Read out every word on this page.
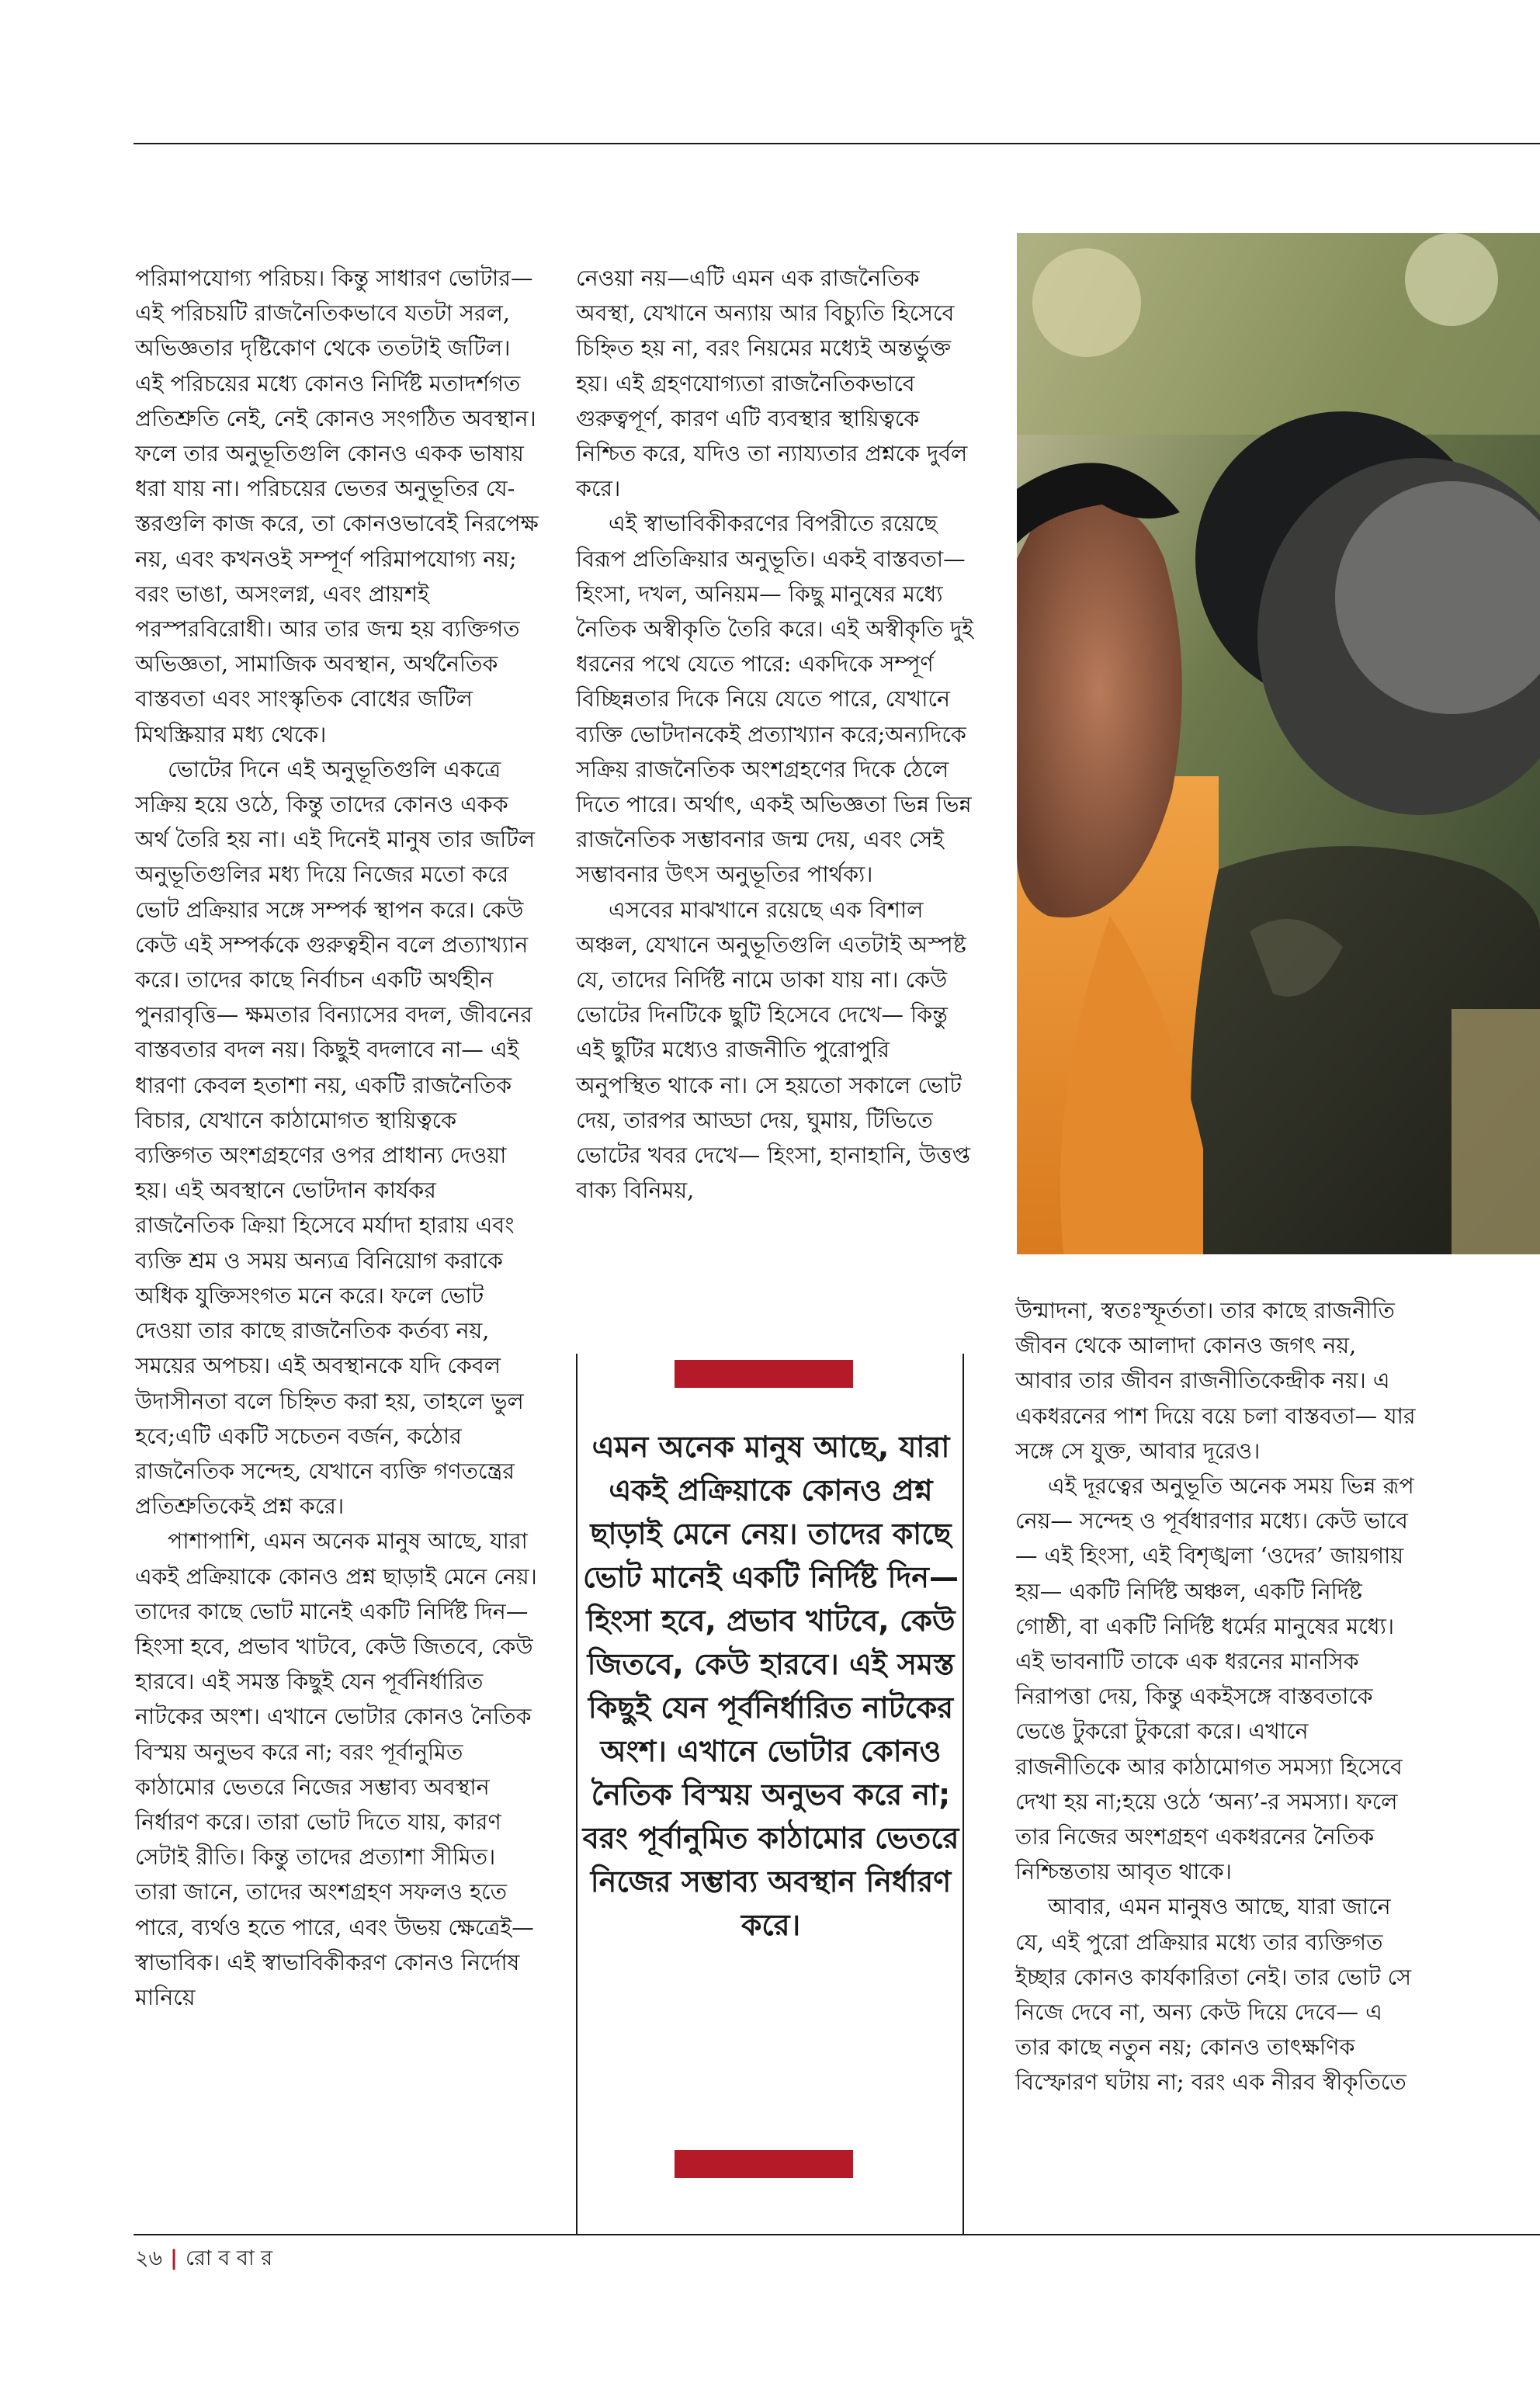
পরিমাপযোগ্য পরিচয়। কিন্তু সাধারণ ভোটার— এই পরিচয়টি রাজনৈতিকভাবে যতটা সরল, অভিজ্ঞতার দৃষ্টিকোণ থেকে ততটাই জটিল। এই পরিচয়ের মধ্যে কোনও নির্দিষ্ট মতাদর্শগত প্রতিশ্রুতি নেই, নেই কোনও সংগঠিত অবস্থান। ফলে তার অনুভূতিগুলি কোনও একক ভাষায় ধরা যায় না। পরিচয়ের ভেতর অনুভূতির যে-স্তরগুলি কাজ করে, তা কোনওভাবেই নিরপেক্ষ নয়, এবং কখনওই সম্পূর্ণ পরিমাপযোগ্য নয়; বরং ভাঙা, অসংলগ্ন, এবং প্রায়শই পরস্পরবিরোধী। আর তার জন্ম হয় ব্যক্তিগত অভিজ্ঞতা, সামাজিক অবস্থান, অর্থনৈতিক বাস্তবতা এবং সাংস্কৃতিক বোধের জটিল মিথস্ক্রিয়ার মধ্য থেকে।

ভোটের দিনে এই অনুভূতিগুলি একত্রে সক্রিয় হয়ে ওঠে, কিন্তু তাদের কোনও একক অর্থ তৈরি হয় না। এই দিনেই মানুষ তার জটিল অনুভূতিগুলির মধ্য দিয়ে নিজের মতো করে ভোট প্রক্রিয়ার সঙ্গে সম্পর্ক স্থাপন করে। কেউ কেউ এই সম্পর্ককে গুরুত্বহীন বলে প্রত্যাখ্যান করে। তাদের কাছে নির্বাচন একটি অর্থহীন পুনরাবৃত্তি— ক্ষমতার বিন্যাসের বদল, জীবনের বাস্তবতার বদল নয়। কিছুই বদলাবে না— এই ধারণা কেবল হতাশা নয়, একটি রাজনৈতিক বিচার, যেখানে কাঠামোগত স্থায়িত্বকে ব্যক্তিগত অংশগ্রহণের ওপর প্রাধান্য দেওয়া হয়। এই অবস্থানে ভোটদান কার্যকর রাজনৈতিক ক্রিয়া হিসেবে মর্যাদা হারায় এবং ব্যক্তি শ্রম ও সময় অন্যত্র বিনিয়োগ করাকে অধিক যুক্তিসংগত মনে করে। ফলে ভোট দেওয়া তার কাছে রাজনৈতিক কর্তব্য নয়, সময়ের অপচয়। এই অবস্থানকে যদি কেবল উদাসীনতা বলে চিহ্নিত করা হয়, তাহলে ভুল হবে;এটি একটি সচেতন বর্জন, কঠোর রাজনৈতিক সন্দেহ, যেখানে ব্যক্তি গণতন্ত্রের প্রতিশ্রুতিকেই প্রশ্ন করে।

পাশাপাশি, এমন অনেক মানুষ আছে, যারা একই প্রক্রিয়াকে কোনও প্রশ্ন ছাড়াই মেনে নেয়। তাদের কাছে ভোট মানেই একটি নির্দিষ্ট দিন— হিংসা হবে, প্রভাব খাটবে, কেউ জিতবে, কেউ হারবে। এই সমস্ত কিছুই যেন পূর্বনির্ধারিত নাটকের অংশ। এখানে ভোটার কোনও নৈতিক বিস্ময় অনুভব করে না; বরং পূর্বানুমিত কাঠামোর ভেতরে নিজের সম্ভাব্য অবস্থান নির্ধারণ করে। তারা ভোট দিতে যায়, কারণ সেটাই রীতি। কিন্তু তাদের প্রত্যাশা সীমিত। তারা জানে, তাদের অংশগ্রহণ সফলও হতে পারে, ব্যর্থও হতে পারে, এবং উভয় ক্ষেত্রেই— স্বাভাবিক। এই স্বাভাবিকীকরণ কোনও নির্দোষ মানিয়ে

নেওয়া নয়—এটি এমন এক রাজনৈতিক অবস্থা, যেখানে অন্যায় আর বিচ্যুতি হিসেবে চিহ্নিত হয় না, বরং নিয়মের মধ্যেই অন্তর্ভুক্ত হয়। এই গ্রহণযোগ্যতা রাজনৈতিকভাবে গুরুত্বপূর্ণ, কারণ এটি ব্যবস্থার স্থায়িত্বকে নিশ্চিত করে, যদিও তা ন্যায্যতার প্রশ্নকে দুর্বল করে।

এই স্বাভাবিকীকরণের বিপরীতে রয়েছে বিরূপ প্রতিক্রিয়ার অনুভূতি। একই বাস্তবতা— হিংসা, দখল, অনিয়ম— কিছু মানুষের মধ্যে নৈতিক অস্বীকৃতি তৈরি করে। এই অস্বীকৃতি দুই ধরনের পথে যেতে পারে: একদিকে সম্পূর্ণ বিচ্ছিন্নতার দিকে নিয়ে যেতে পারে, যেখানে ব্যক্তি ভোটদানকেই প্রত্যাখ্যান করে;অন্যদিকে সক্রিয় রাজনৈতিক অংশগ্রহণের দিকে ঠেলে দিতে পারে। অর্থাৎ, একই অভিজ্ঞতা ভিন্ন ভিন্ন রাজনৈতিক সম্ভাবনার জন্ম দেয়, এবং সেই সম্ভাবনার উৎস অনুভূতির পার্থক্য।

এসবের মাঝখানে রয়েছে এক বিশাল অঞ্চল, যেখানে অনুভূতিগুলি এতটাই অস্পষ্ট যে, তাদের নির্দিষ্ট নামে ডাকা যায় না। কেউ ভোটের দিনটিকে ছুটি হিসেবে দেখে— কিন্তু এই ছুটির মধ্যেও রাজনীতি পুরোপুরি অনুপস্থিত থাকে না। সে হয়তো সকালে ভোট দেয়, তারপর আড্ডা দেয়, ঘুমায়, টিভিতে ভোটের খবর দেখে— হিংসা, হানাহানি, উত্তপ্ত বাক্য বিনিময়,

উন্মাদনা, স্বতঃস্ফূর্ততা। তার কাছে রাজনীতি জীবন থেকে আলাদা কোনও জগৎ নয়, আবার তার জীবন রাজনীতিকেন্দ্রীক নয়। এ একধরনের পাশ দিয়ে বয়ে চলা বাস্তবতা— যার সঙ্গে সে যুক্ত, আবার দূরেও।

এই দূরত্বের অনুভূতি অনেক সময় ভিন্ন রূপ নেয়— সন্দেহ ও পূর্বধারণার মধ্যে। কেউ ভাবে— এই হিংসা, এই বিশৃঙ্খলা ‘ওদের’ জায়গায় হয়— একটি নির্দিষ্ট অঞ্চল, একটি নির্দিষ্ট গোষ্ঠী, বা একটি নির্দিষ্ট ধর্মের মানুষের মধ্যে। এই ভাবনাটি তাকে এক ধরনের মানসিক নিরাপত্তা দেয়, কিন্তু একইসঙ্গে বাস্তবতাকে ভেঙে টুকরো টুকরো করে। এখানে রাজনীতিকে আর কাঠামোগত সমস্যা হিসেবে দেখা হয় না;হয়ে ওঠে ‘অন্য’-র সমস্যা। ফলে তার নিজের অংশগ্রহণ একধরনের নৈতিক নিশ্চিন্ততায় আবৃত থাকে।

আবার, এমন মানুষও আছে, যারা জানে যে, এই পুরো প্রক্রিয়ার মধ্যে তার ব্যক্তিগত ইচ্ছার কোনও কার্যকারিতা নেই। তার ভোট সে নিজে দেবে না, অন্য কেউ দিয়ে দেবে— এ তার কাছে নতুন নয়; কোনও তাৎক্ষণিক বিস্ফোরণ ঘটায় না; বরং এক নীরব স্বীকৃতিতে

এমন অনেক মানুষ আছে, যারা একই প্রক্রিয়াকে কোনও প্রশ্ন ছাড়াই মেনে নেয়। তাদের কাছে ভোট মানেই একটি নির্দিষ্ট দিন— হিংসা হবে, প্রভাব খাটবে, কেউ জিতবে, কেউ হারবে। এই সমস্ত কিছুই যেন পূর্বনির্ধারিত নাটকের অংশ। এখানে ভোটার কোনও নৈতিক বিস্ময় অনুভব করে না; বরং পূর্বানুমিত কাঠামোর ভেতরে নিজের সম্ভাব্য অবস্থান নির্ধারণ করে।
২৬ | রো ব বা র
